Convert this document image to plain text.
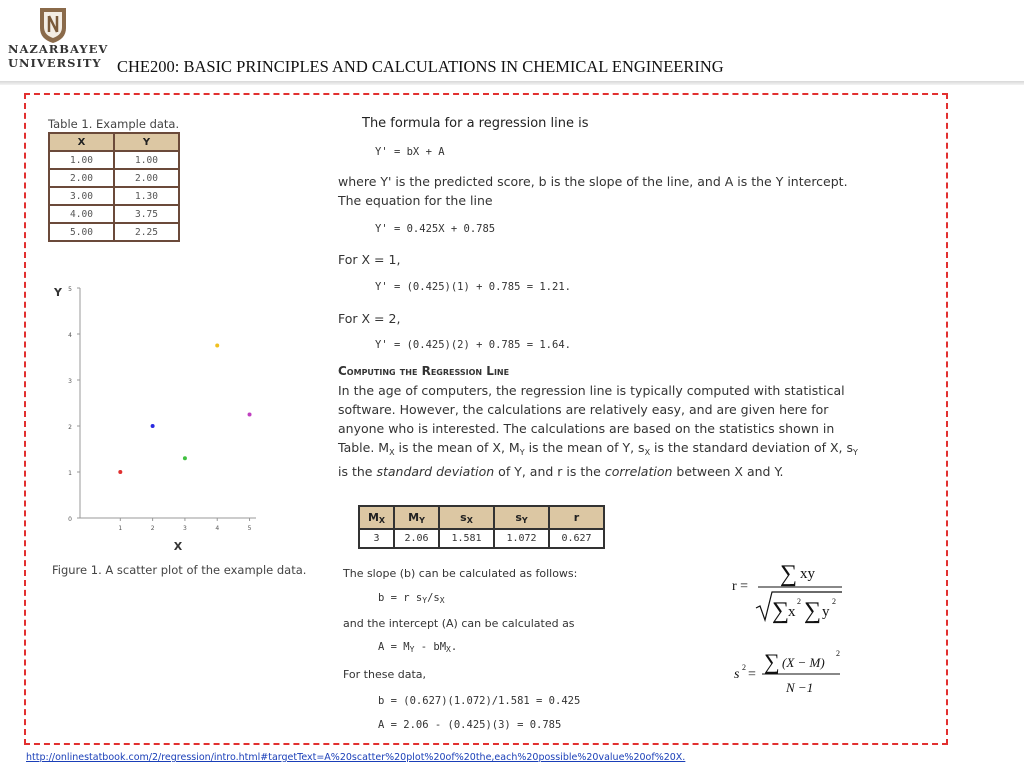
NAZARBAYEV
UNIVERSITY CHE200: BASIC PRINCIPLES AND CALCULATIONS IN CHEMICAL ENGINEERING
Table 1. Example data.
X	Y
1.00	1.00
2.00	2.00
3.00	1.30
4.00	3.75
5.00	2.25
0
1
2
3
4
5
1	2	3	4	5
Y
X
Figure 1. A scatter plot of the example data.
The formula for a regression line is
Y' = bX + A
where Y' is the predicted score, b is the slope of the line, and A is the Y intercept.
The equation for the line
Y' = 0.425X + 0.785
For X = 1,
Y' = (0.425)(1) + 0.785 = 1.21.
For X = 2,
Y' = (0.425)(2) + 0.785 = 1.64.
Computing the Regression Line
In the age of computers, the regression line is typically computed with statistical software. However, the calculations are relatively easy, and are given here for anyone who is interested. The calculations are based on the statistics shown in Table. $M_X$ is the mean of X, $M_Y$ is the mean of Y, $s_X$ is the standard deviation of X, $s_Y$ is the standard deviation of Y, and r is the correlation between X and Y.
MX	MY	sX	sY	r
3	2.06	1.581	1.072	0.627
The slope (b) can be calculated as follows:
b = r sY/sX
and the intercept (A) can be calculated as
A = MY - bMX.
For these data,
b = (0.627)(1.072)/1.581 = 0.425
A = 2.06 - (0.425)(3) = 0.785
r = ∑ xy
∑
x
2 ∑ y
2
s 2 =
∑ (X − M)
2
N −1
http://onlinestatbook.com/2/regression/intro.html#targetText=A%20scatter%20plot%20of%20the,each%20possible%20value%20of%20X.
